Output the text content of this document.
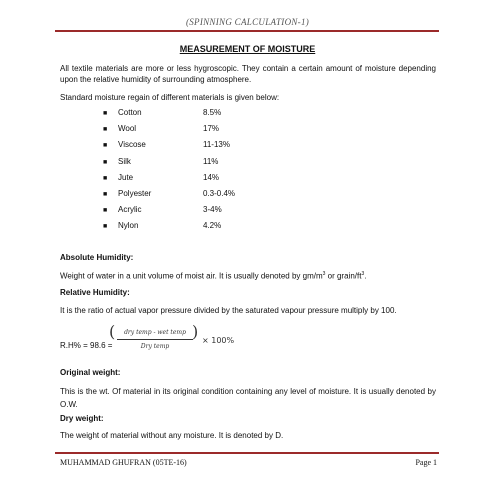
(SPINNING CALCULATION-1)
MEASUREMENT OF MOISTURE
All textile materials are more or less hygroscopic. They contain a certain amount of moisture depending upon the relative humidity of surrounding atmosphere.
Standard moisture regain of different materials is given below:
■ Cotton	8.5%
■ Wool	17%
■ Viscose	11-13%
■ Silk	11%
■ Jute	14%
■ Polyester	0.3-0.4%
■ Acrylic	3-4%
■ Nylon	4.2%
Absolute Humidity:
Weight of water in a unit volume of moist air. It is usually denoted by $gm/m^3$ or grain/$ft^3$.
Relative Humidity:
It is the ratio of actual vapor pressure divided by the saturated vapour pressure multiply by 100.
R.H% = 98.6 =
(	dry temp - wet temp
Dry temp
) × 100%
Original weight:
This is the wt. Of material in its original condition containing any level of moisture. It is usually denoted by O.W.
Dry weight:
The weight of material without any moisture. It is denoted by D.
MUHAMMAD GHUFRAN (05TE-16)	Page 1
